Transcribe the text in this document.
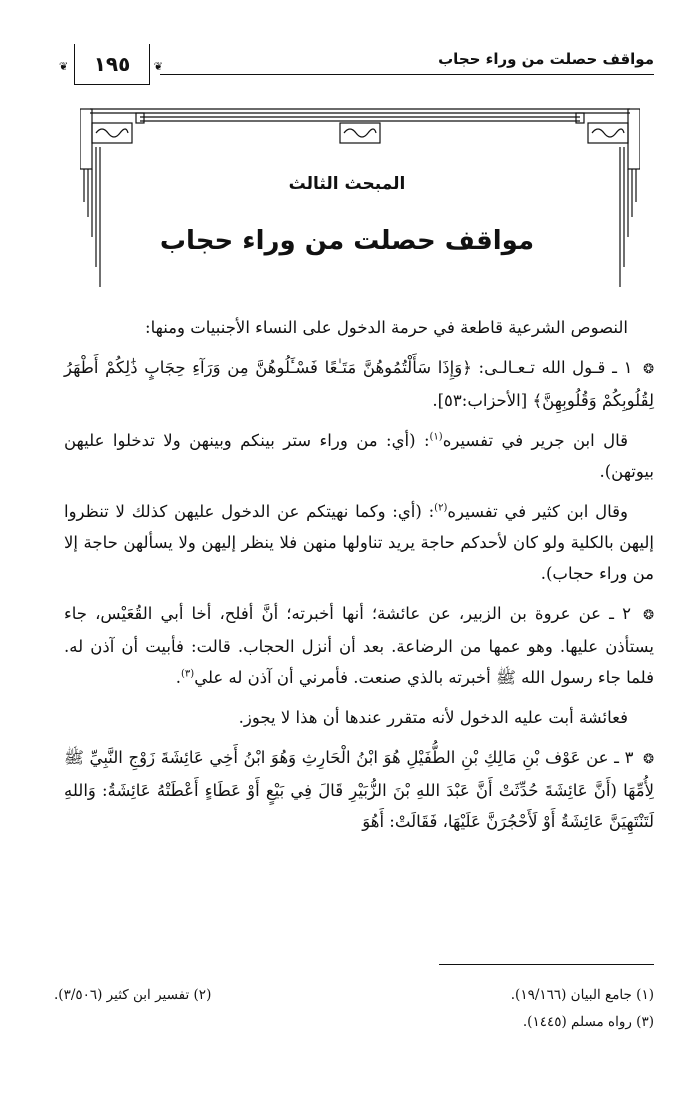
مواقف حصلت من وراء حجاب
❦ ١٩٥ ❦
المبحث الثالث
مواقف حصلت من وراء حجاب

النصوص الشرعية قاطعة في حرمة الدخول على النساء الأجنبيات ومنها:

❂ ١ ـ قـول الله تـعـالـى: ﴿وَإِذَا سَأَلْتُمُوهُنَّ مَتَـٰعًا فَسْـَٔلُوهُنَّ مِن وَرَآءِ حِجَابٍ ذَٰلِكُمْ أَطْهَرُ لِقُلُوبِكُمْ وَقُلُوبِهِنَّ﴾ [الأحزاب:٥٣].

قال ابن جرير في تفسيره$^{(١)}$: (أي: من وراء ستر بينكم وبينهن ولا تدخلوا عليهن بيوتهن).

وقال ابن كثير في تفسيره$^{(٢)}$: (أي: وكما نهيتكم عن الدخول عليهن كذلك لا تنظروا إليهن بالكلية ولو كان لأحدكم حاجة يريد تناولها منهن فلا ينظر إليهن ولا يسألهن حاجة إلا من وراء حجاب).

❂ ٢ ـ عن عروة بن الزبير، عن عائشة؛ أنها أخبرته؛ أنَّ أفلح، أخا أبي القُعَيْس، جاء يستأذن عليها. وهو عمها من الرضاعة. بعد أن أنزل الحجاب. قالت: فأبيت أن آذن له. فلما جاء رسول الله ﷺ أخبرته بالذي صنعت. فأمرني أن آذن له علي$^{(٣)}$.

فعائشة أبت عليه الدخول لأنه متقرر عندها أن هذا لا يجوز.

❂ ٣ ـ عن عَوْف بْنِ مَالِكِ بْنِ الطُّفَيْلِ هُوَ ابْنُ الْحَارِثِ وَهُوَ ابْنُ أَخِي عَائِشَةَ زَوْجِ النَّبِيِّ ﷺ لِأُمِّهَا (أَنَّ عَائِشَةَ حُدِّثَتْ أَنَّ عَبْدَ اللهِ بْنَ الزُّبَيْرِ قَالَ فِي بَيْعٍ أَوْ عَطَاءٍ أَعْطَتْهُ عَائِشَةُ: وَاللهِ لَتَنْتَهِيَنَّ عَائِشَةُ أَوْ لَأَحْجُرَنَّ عَلَيْهَا، فَقَالَتْ: أَهُوَ

(١) جامع البيان (١٩/١٦٦).
(٢) تفسير ابن كثير (٣/٥٠٦).
(٣) رواه مسلم (١٤٤٥).
